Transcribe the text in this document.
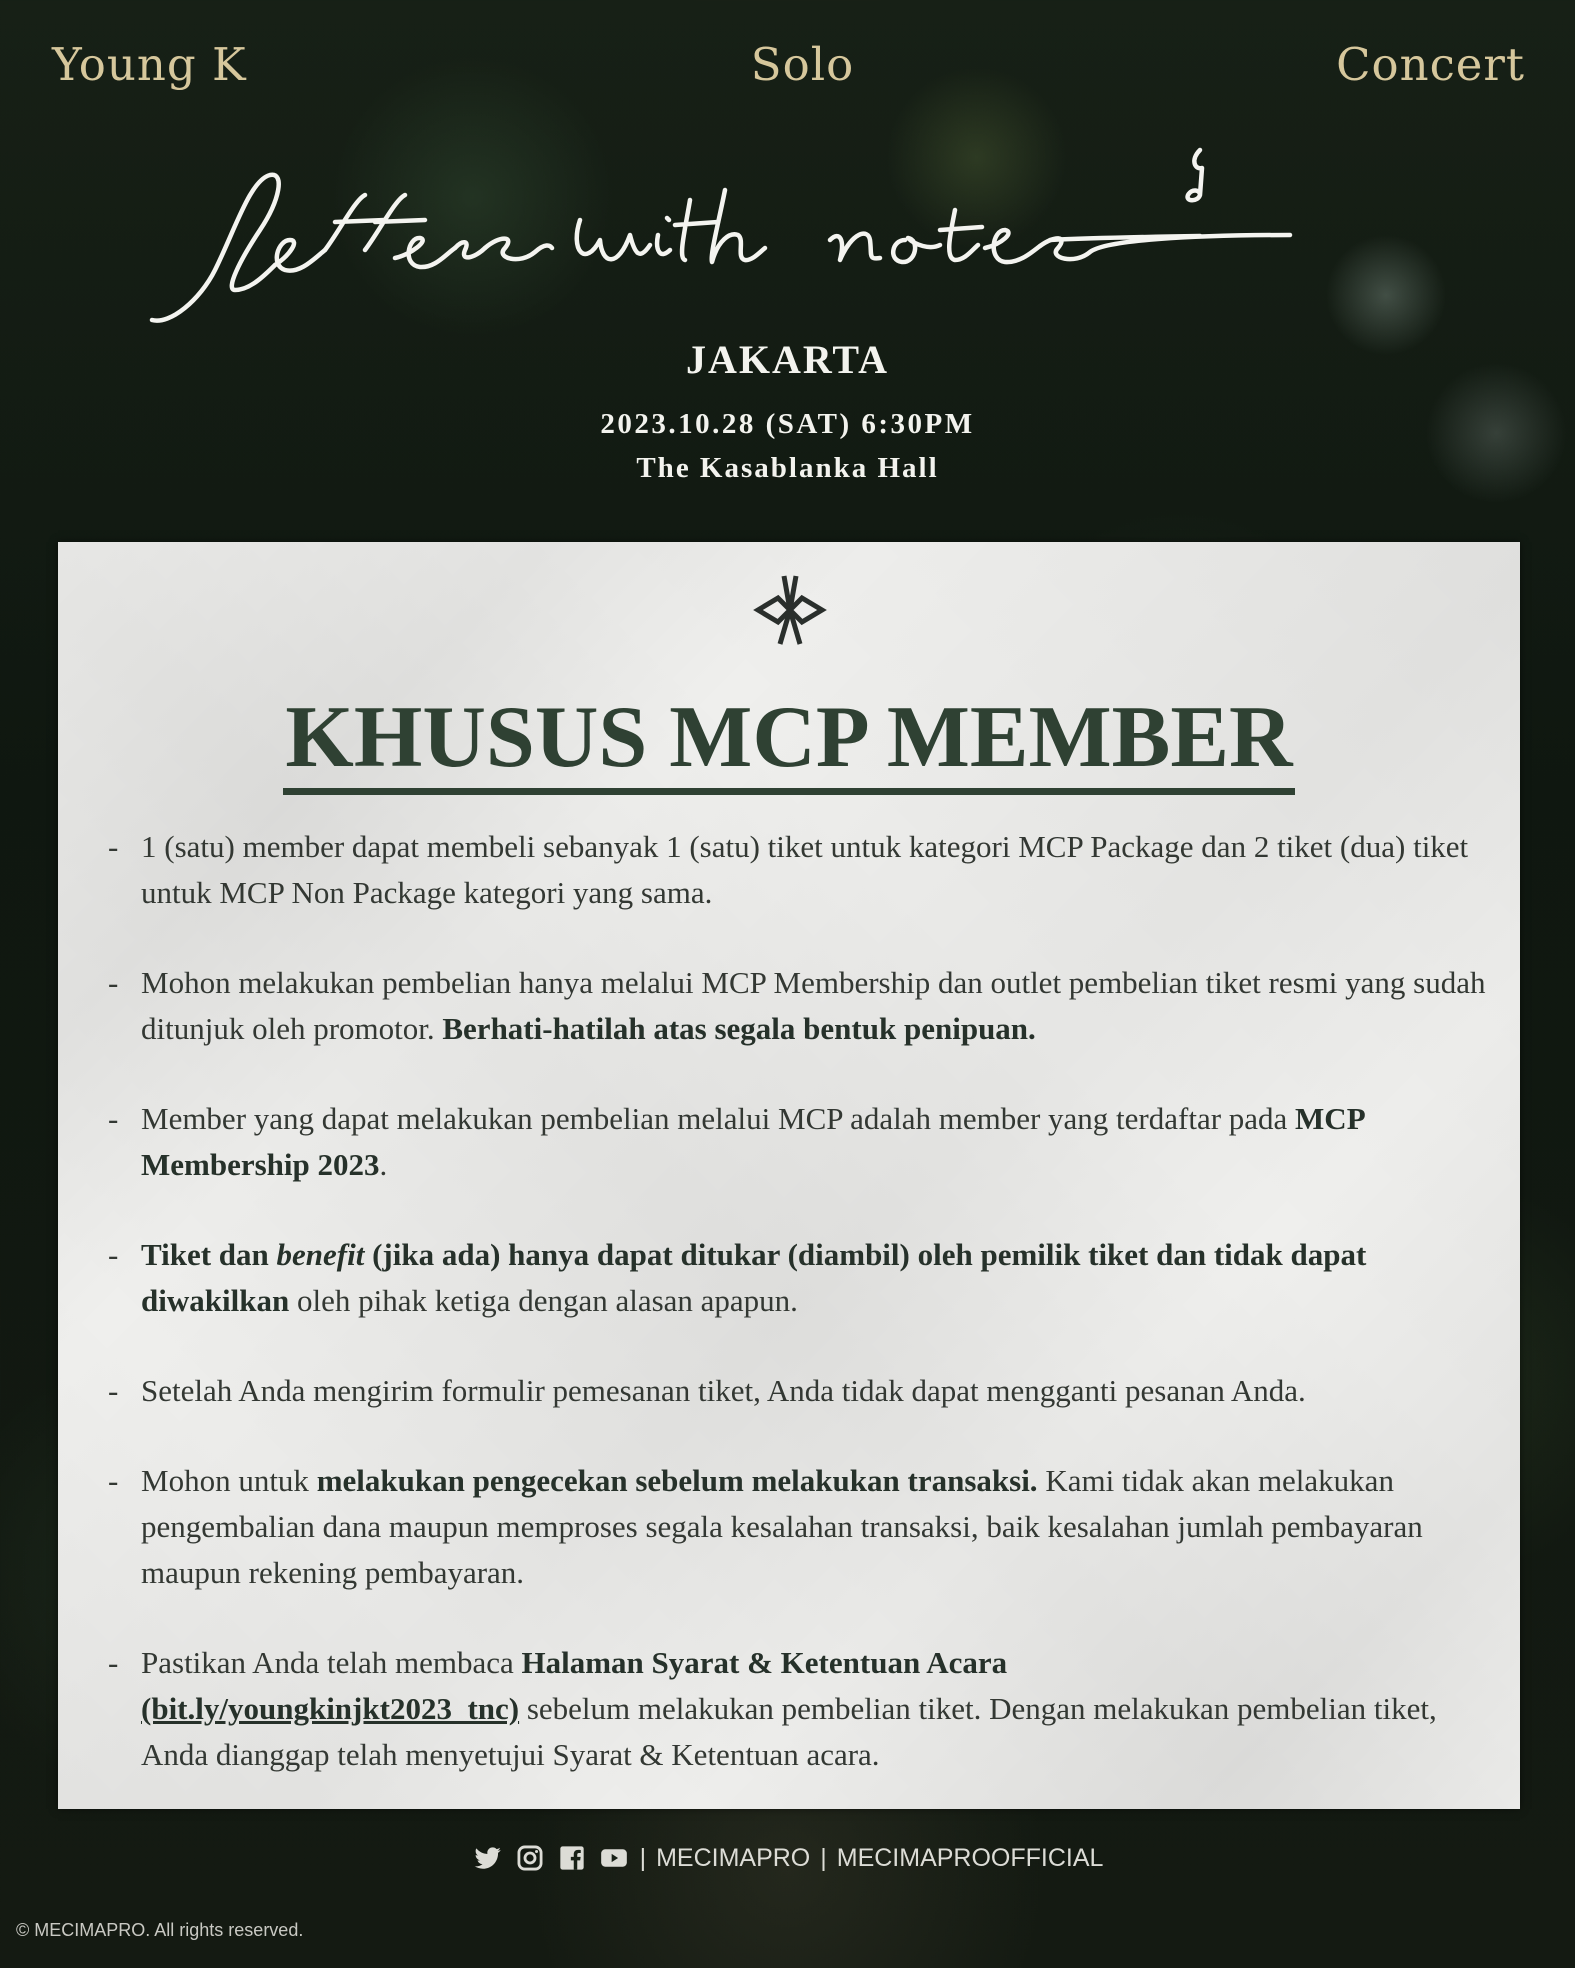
Young K	Solo	Concert
JAKARTA
2023.10.28 (SAT) 6:30PM
The Kasablanka Hall
KHUSUS MCP MEMBER
- 1 (satu) member dapat membeli sebanyak 1 (satu) tiket untuk kategori MCP Package dan 2 tiket (dua) tiket untuk MCP Non Package kategori yang sama.
- Mohon melakukan pembelian hanya melalui MCP Membership dan outlet pembelian tiket resmi yang sudah ditunjuk oleh promotor. Berhati-hatilah atas segala bentuk penipuan.
- Member yang dapat melakukan pembelian melalui MCP adalah member yang terdaftar pada MCP Membership 2023.
- Tiket dan benefit (jika ada) hanya dapat ditukar (diambil) oleh pemilik tiket dan tidak dapat diwakilkan oleh pihak ketiga dengan alasan apapun.
- Setelah Anda mengirim formulir pemesanan tiket, Anda tidak dapat mengganti pesanan Anda.
- Mohon untuk melakukan pengecekan sebelum melakukan transaksi. Kami tidak akan melakukan pengembalian dana maupun memproses segala kesalahan transaksi, baik kesalahan jumlah pembayaran maupun rekening pembayaran.
- Pastikan Anda telah membaca Halaman Syarat & Ketentuan Acara
(bit.ly/youngkinjkt2023_tnc) sebelum melakukan pembelian tiket. Dengan melakukan pembelian tiket, Anda dianggap telah menyetujui Syarat & Ketentuan acara.
| MECIMAPRO | MECIMAPROOFFICIAL
© MECIMAPRO. All rights reserved.
